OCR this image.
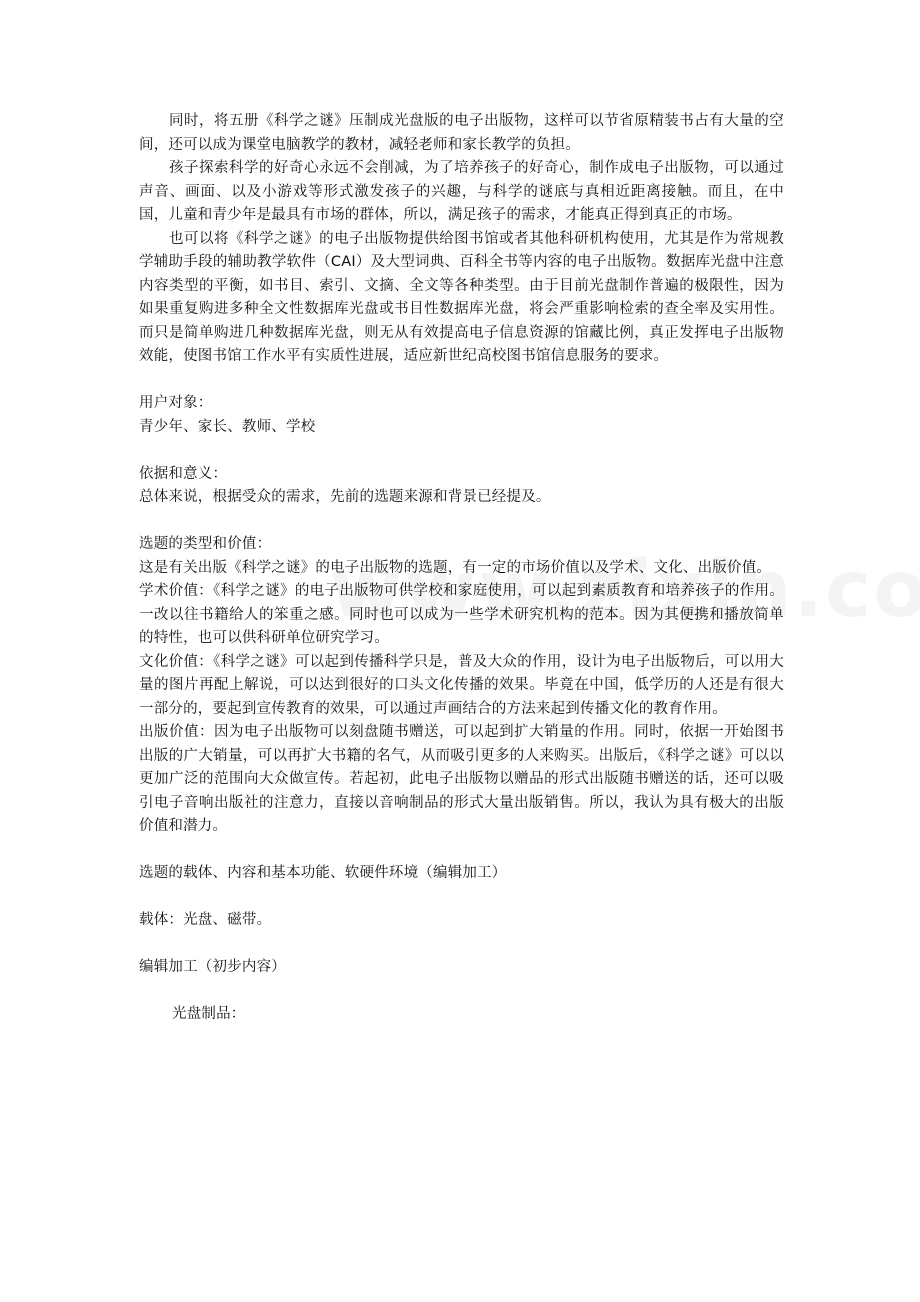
同时，将五册《科学之谜》压制成光盘版的电子出版物，这样可以节省原精装书占有大量的空间，还可以成为课堂电脑教学的教材，减轻老师和家长教学的负担。

孩子探索科学的好奇心永远不会削减，为了培养孩子的好奇心，制作成电子出版物，可以通过声音、画面、以及小游戏等形式激发孩子的兴趣，与科学的谜底与真相近距离接触。而且，在中国，儿童和青少年是最具有市场的群体，所以，满足孩子的需求，才能真正得到真正的市场。

也可以将《科学之谜》的电子出版物提供给图书馆或者其他科研机构使用，尤其是作为常规教学辅助手段的辅助教学软件（CAI）及大型词典、百科全书等内容的电子出版物。数据库光盘中注意内容类型的平衡，如书目、索引、文摘、全文等各种类型。由于目前光盘制作普遍的极限性，因为如果重复购进多种全文性数据库光盘或书目性数据库光盘，将会严重影响检索的查全率及实用性。而只是简单购进几种数据库光盘，则无从有效提高电子信息资源的馆藏比例，真正发挥电子出版物效能，使图书馆工作水平有实质性进展，适应新世纪高校图书馆信息服务的要求。

用户对象：

青少年、家长、教师、学校

依据和意义：

总体来说，根据受众的需求，先前的选题来源和背景已经提及。

选题的类型和价值：

这是有关出版《科学之谜》的电子出版物的选题，有一定的市场价值以及学术、文化、出版价值。

学术价值：《科学之谜》的电子出版物可供学校和家庭使用，可以起到素质教育和培养孩子的作用。一改以往书籍给人的笨重之感。同时也可以成为一些学术研究机构的范本。因为其便携和播放简单的特性，也可以供科研单位研究学习。

文化价值：《科学之谜》可以起到传播科学只是，普及大众的作用，设计为电子出版物后，可以用大量的图片再配上解说，可以达到很好的口头文化传播的效果。毕竟在中国，低学历的人还是有很大一部分的，要起到宣传教育的效果，可以通过声画结合的方法来起到传播文化的教育作用。

出版价值：因为电子出版物可以刻盘随书赠送，可以起到扩大销量的作用。同时，依据一开始图书出版的广大销量，可以再扩大书籍的名气，从而吸引更多的人来购买。出版后，《科学之谜》可以以更加广泛的范围向大众做宣传。若起初，此电子出版物以赠品的形式出版随书赠送的话，还可以吸引电子音响出版社的注意力，直接以音响制品的形式大量出版销售。所以，我认为具有极大的出版价值和潜力。

选题的载体、内容和基本功能、软硬件环境（编辑加工）

载体：光盘、磁带。

编辑加工（初步内容）

光盘制品：
